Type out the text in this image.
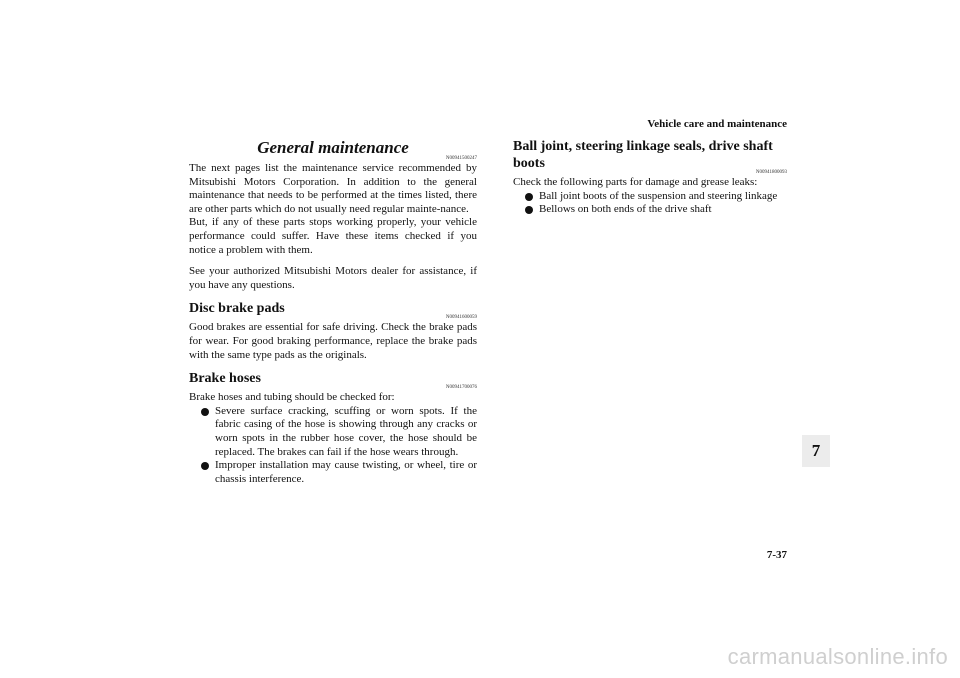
Vehicle care and maintenance
General maintenance
N00941500247

The next pages list the maintenance service recommended by Mitsubishi Motors Corporation. In addition to the general maintenance that needs to be performed at the times listed, there are other parts which do not usually need regular mainte-nance.

But, if any of these parts stops working properly, your vehicle performance could suffer. Have these items checked if you notice a problem with them.

See your authorized Mitsubishi Motors dealer for assistance, if you have any questions.

Disc brake pads
N00941600059

Good brakes are essential for safe driving. Check the brake pads for wear. For good braking performance, replace the brake pads with the same type pads as the originals.

Brake hoses
N00941700076

Brake hoses and tubing should be checked for:

Severe surface cracking, scuffing or worn spots. If the fabric casing of the hose is showing through any cracks or worn spots in the rubber hose cover, the hose should be replaced. The brakes can fail if the hose wears through.
Improper installation may cause twisting, or wheel, tire or chassis interference.
Ball joint, steering linkage seals, drive shaft boots
N00941800093

Check the following parts for damage and grease leaks:

Ball joint boots of the suspension and steering linkage
Bellows on both ends of the drive shaft
7
7-37
carmanualsonline.info
